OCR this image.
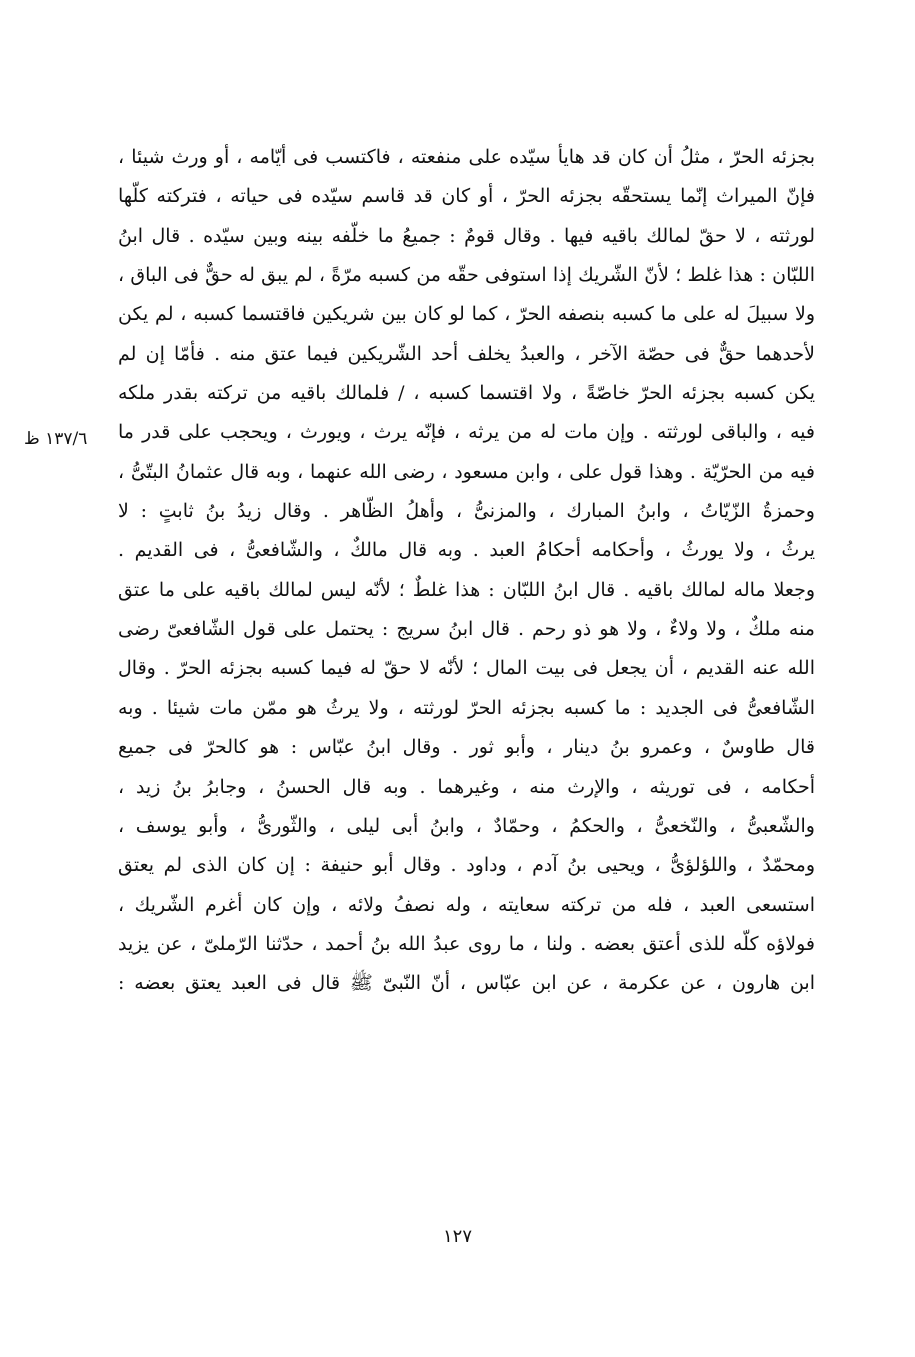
بجزئه الحرّ ، مثلُ أن كان قد هايأ سيّده على منفعته ، فاكتسب فى أيّامه ، أو ورث شيئا ،
فإنّ الميراث إنّما يستحقّه بجزئه الحرّ ، أو كان قد قاسم سيّده فى حياته ، فتركته كلّها
لورثته ، لا حقّ لمالك باقيه فيها . وقال قومٌ : جميعُ ما خلّفه بينه وبين سيّده . قال ابنُ
اللبّان : هذا غلط ؛ لأنّ الشّريك إذا استوفى حقّه من كسبه مرّةً ، لم يبق له حقٌّ فى الباق ،
ولا سبيلَ له على ما كسبه بنصفه الحرّ ، كما لو كان بين شريكين فاقتسما كسبه ، لم يكن
لأحدهما حقٌّ فى حصّة الآخر ، والعبدُ يخلف أحد الشّريكين فيما عتق منه . فأمّا إن لم
يكن كسبه بجزئه الحرّ خاصّةً ، ولا اقتسما كسبه ، / فلمالك باقيه من تركته بقدر ملكه
فيه ، والباقى لورثته . وإن مات له من يرثه ، فإنّه يرث ، ويورث ، ويحجب على قدر ما
فيه من الحرّيّة . وهذا قول على ، وابن مسعود ، رضى الله عنهما ، وبه قال عثمانُ البتّىُّ ،
وحمزةُ الزّيّاتُ ، وابنُ المبارك ، والمزنىُّ ، وأهلُ الظّاهر . وقال زيدُ بنُ ثابتٍ : لا
يرثُ ، ولا يورثُ ، وأحكامه أحكامُ العبد . وبه قال مالكٌ ، والشّافعىُّ ، فى القديم .
وجعلا ماله لمالك باقيه . قال ابنُ اللبّان : هذا غلطٌ ؛ لأنّه ليس لمالك باقيه على ما عتق
منه ملكٌ ، ولا ولاءٌ ، ولا هو ذو رحم . قال ابنُ سريج : يحتمل على قول الشّافعىّ رضى
الله عنه القديم ، أن يجعل فى بيت المال ؛ لأنّه لا حقّ له فيما كسبه بجزئه الحرّ . وقال
الشّافعىُّ فى الجديد : ما كسبه بجزئه الحرّ لورثته ، ولا يرثُ هو ممّن مات شيئا . وبه
قال طاوسٌ ، وعمرو بنُ دينار ، وأبو ثور . وقال ابنُ عبّاس : هو كالحرّ فى جميع
أحكامه ، فى توريثه ، والإرث منه ، وغيرهما . وبه قال الحسنُ ، وجابرُ بنُ زيد ،
والشّعبىُّ ، والنّخعىُّ ، والحكمُ ، وحمّادٌ ، وابنُ أبى ليلى ، والثّورىُّ ، وأبو يوسف ،
ومحمّدٌ ، واللؤلؤىُّ ، ويحيى بنُ آدم ، وداود . وقال أبو حنيفة : إن كان الذى لم يعتق
استسعى العبد ، فله من تركته سعايته ، وله نصفُ ولائه ، وإن كان أغرم الشّريك ،
فولاؤه كلّه للذى أعتق بعضه . ولنا ، ما روى عبدُ الله بنُ أحمد ، حدّثنا الرّملىّ ، عن يزيد
ابن هارون ، عن عكرمة ، عن ابن عبّاس ، أنّ النّبىّ ﷺ قال فى العبد يعتق بعضه :
١٣٧/٦ ظ
١٢٧
